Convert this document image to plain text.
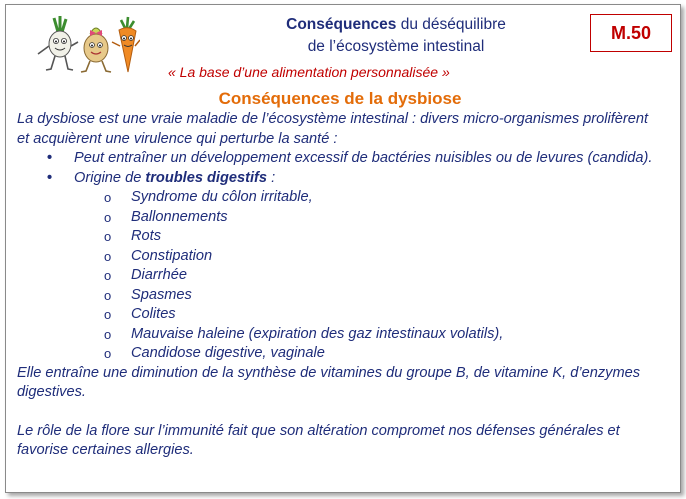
Conséquences du déséquilibre
de l’écosystème intestinal
M.50
« La base d’une alimentation personnalisée »
Conséquences de la dysbiose

La dysbiose est une vraie maladie de l’écosystème intestinal : divers micro-organismes prolifèrent et acquièrent une virulence qui perturbe la santé :

• Peut entraîner un développement excessif de bactéries nuisibles ou de levures (candida).
• Origine de troubles digestifs :
o Syndrome du côlon irritable,
o Ballonnements
o Rots
o Constipation
o Diarrhée
o Spasmes
o Colites
o Mauvaise haleine (expiration des gaz intestinaux volatils),
o Candidose digestive, vaginale

Elle entraîne une diminution de la synthèse de vitamines du groupe B, de vitamine K, d’enzymes digestives.

Le rôle de la flore sur l’immunité fait que son altération compromet nos défenses générales et favorise certaines allergies.
